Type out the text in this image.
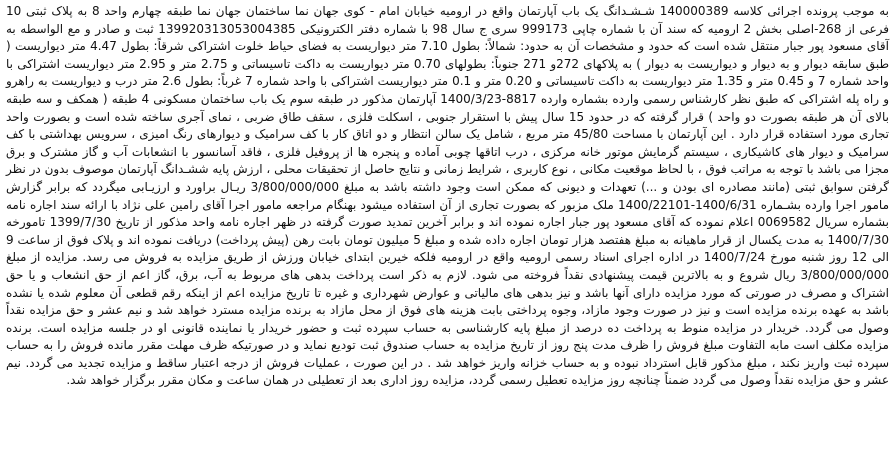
به موجب پرونده اجرائی کلاسه 140000389 شـشـدانگ یک باب آپارتمان واقع در ارومیه خیابان امام - کوی جهان نما ساختمان جهان نما طبقه چهارم واحد 8 به پلاک ثبتی 10 فرعی از 268-اصلی بخش 2 ارومیه که سند آن با شماره چاپی 999173 سری ج سال 98 با شماره دفتر الکترونیکی 139920313053004385 ثبت و صادر و مع الواسطه به آقای مسعود پور جبار منتقل شده است که حدود و مشخصات آن به حدود: شمالاً: بطول 7.10 متر دیواریست به فضای حیاط خلوت اشتراکی شرقاً: بطول 4.47 متر دیواریست ( طبق سابقه دیوار و به دیوار و دیواریست به دیوار ) به پلاکهای 272و 271 جنوباً: بطولهای 0.70 متر دیواریست به داکت تاسیساتی و 2.75 متر و 2.95 متر دیواریست اشتراکی با واحد شماره 7 و 0.45 متر و 1.35 متر دیواریست به داکت تاسیساتی و 0.20 متر و 0.1 متر دیواریست اشتراکی با واحد شماره 7 غرباً: بطول 2.6 متر درب و دیواریست به راهرو و راه پله اشتراکی که طبق نظر کارشناس رسمی وارده بشماره وارده 8817-1400/3/23 آپارتمان مذکور در طبقه سوم یک باب ساختمان مسکونی 4 طبقه ( همکف و سه طبقه بالای آن هر طبقه بصورت دو واحد ) قرار گرفته که در حدود 15 سال پیش با استقرار جنوبی ، اسکلت فلزی ، سقف طاق ضربی ، نمای آجری ساخته شده است و بصورت واحد تجاری مورد استفاده قرار دارد . این آپارتمان با مساحت 45/80 متر مربع ، شامل یک سالن انتظار و دو اتاق کار با کف سرامیک و دیوارهای رنگ امیزی ، سرویس بهداشتی با کف سرامیک و دیوار های کاشیکاری ، سیستم گرمایش موتور خانه مرکزی ، درب اتاقها چوبی آماده و پنجره ها از پروفیل فلزی ، فاقد آسانسور با انشعابات آب و گاز مشترک و برق مجزا می باشد با توجه به مراتب فوق ، با لحاظ موقعیت مکانی ، نوع کاربری ، شرایط زمانی و نتایج حاصل از تحقیقات محلی ، ارزش پایه ششـدانگ آپارتمان موصوف بدون در نظر گرفتن سوابق ثبتی (مانند مصادره ای بودن و ...) تعهدات و دیونی که ممکن است وجود داشته باشد به مبلغ 3/800/000/000 ریـال براورد و ارزیـابی میگردد که برابر گزارش مامور اجرا وارده بشـماره 1400/6/31-1400/22101 ملک مزبور که بصورت تجاری از آن استفاده میشود بهنگام مراجعه مامور اجرا آقای رامین علی نژاد با ارائه سند اجاره نامه بشماره سریال 0069582 اعلام نموده که آقای مسعود پور جبار اجاره نموده اند و برابر آخرین تمدید صورت گرفته در ظهر اجاره نامه واحد مذکور از تاریخ 1399/7/30 تامورخه 1400/7/30 به مدت یکسال از قرار ماهیانه به مبلغ هفتصد هزار تومان اجاره داده شده و مبلغ 5 میلیون تومان بابت رهن (پیش پرداخت) دریافت نموده اند و پلاک فوق از ساعت 9 الی 12 روز شنبه مورخ 1400/7/24 در اداره اجرای اسناد رسمی ارومیه واقع در ارومیه فلکه خیرین ابتدای خیابان ورزش از طریق مزایده به فروش می رسد. مزایده از مبلغ 3/800/000/000 ریال شروع و به بالاترین قیمت پیشنهادی نقداً فروخته می شود. لازم به ذکر است پرداخت بدهی های مربوط به آب، برق، گاز اعم از حق انشعاب و یا حق اشتراک و مصرف در صورتی که مورد مزایده دارای آنها باشد و نیز بدهی های مالیاتی و عوارض شهرداری و غیره تا تاریخ مزایده اعم از اینکه رقم قطعی آن معلوم شده یا نشده باشد به عهده برنده مزایده است و نیز در صورت وجود مازاد، وجوه پرداختی بابت هزینه های فوق از محل مازاد به برنده مزایده مسترد خواهد شد و نیم عشر و حق مزایده نقداً وصول می گردد. خریدار در مزایده منوط به پرداخت ده درصد از مبلغ پایه کارشناسی به حساب سپرده ثبت و حضور خریدار یا نماینده قانونی او در جلسه مزایده است. برنده مزایده مکلف است مابه التفاوت مبلغ فروش را ظرف مدت پنج روز از تاریخ مزایده به حساب صندوق ثبت تودیع نماید و در صورتیکه ظرف مهلت مقرر مانده فروش را به حساب سپرده ثبت واریز نکند ، مبلغ مذکور قابل استرداد نبوده و به حساب خزانه واریز خواهد شد . در این صورت ، عملیات فروش از درجه اعتبار ساقط و مزایده تجدید می گردد. نیم عشر و حق مزایده نقداً وصول می گردد ضمناً چنانچه روز مزایده تعطیل رسمی گردد، مزایده روز اداری بعد از تعطیلی در همان ساعت و مکان مقرر برگزار خواهد شد.
